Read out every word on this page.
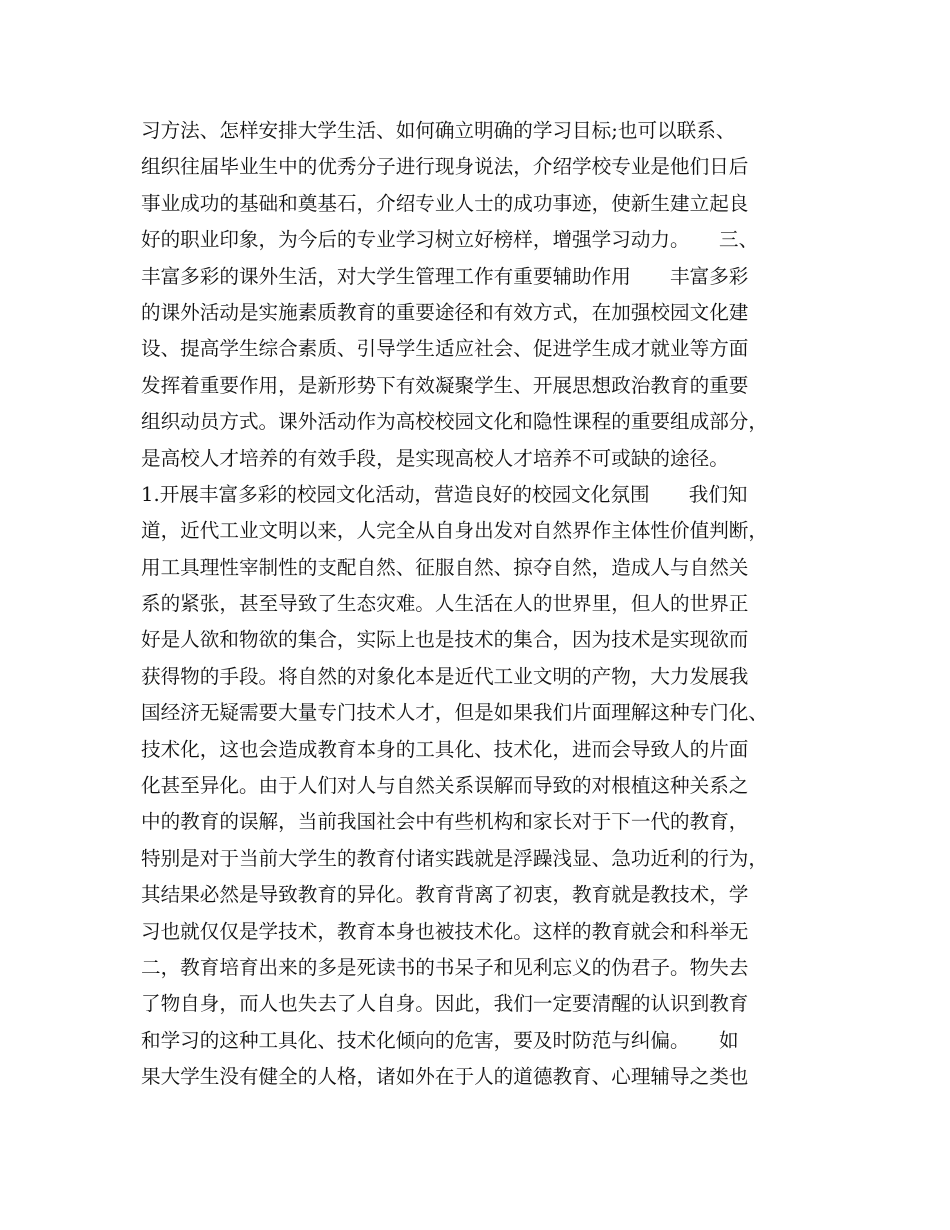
习方法、怎样安排大学生活、如何确立明确的学习目标;也可以联系、
组织往届毕业生中的优秀分子进行现身说法，介绍学校专业是他们日后
事业成功的基础和奠基石，介绍专业人士的成功事迹，使新生建立起良
好的职业印象，为今后的专业学习树立好榜样，增强学习动力。　　三、
丰富多彩的课外生活，对大学生管理工作有重要辅助作用　　丰富多彩
的课外活动是实施素质教育的重要途径和有效方式，在加强校园文化建
设、提高学生综合素质、引导学生适应社会、促进学生成才就业等方面
发挥着重要作用，是新形势下有效凝聚学生、开展思想政治教育的重要
组织动员方式。课外活动作为高校校园文化和隐性课程的重要组成部分，
是高校人才培养的有效手段，是实现高校人才培养不可或缺的途径。
1.开展丰富多彩的校园文化活动，营造良好的校园文化氛围　　我们知
道，近代工业文明以来，人完全从自身出发对自然界作主体性价值判断，
用工具理性宰制性的支配自然、征服自然、掠夺自然，造成人与自然关
系的紧张，甚至导致了生态灾难。人生活在人的世界里，但人的世界正
好是人欲和物欲的集合，实际上也是技术的集合，因为技术是实现欲而
获得物的手段。将自然的对象化本是近代工业文明的产物，大力发展我
国经济无疑需要大量专门技术人才，但是如果我们片面理解这种专门化、
技术化，这也会造成教育本身的工具化、技术化，进而会导致人的片面
化甚至异化。由于人们对人与自然关系误解而导致的对根植这种关系之
中的教育的误解，当前我国社会中有些机构和家长对于下一代的教育，
特别是对于当前大学生的教育付诸实践就是浮躁浅显、急功近利的行为，
其结果必然是导致教育的异化。教育背离了初衷，教育就是教技术，学
习也就仅仅是学技术，教育本身也被技术化。这样的教育就会和科举无
二，教育培育出来的多是死读书的书呆子和见利忘义的伪君子。物失去
了物自身，而人也失去了人自身。因此，我们一定要清醒的认识到教育
和学习的这种工具化、技术化倾向的危害，要及时防范与纠偏。　　如
果大学生没有健全的人格，诸如外在于人的道德教育、心理辅导之类也
